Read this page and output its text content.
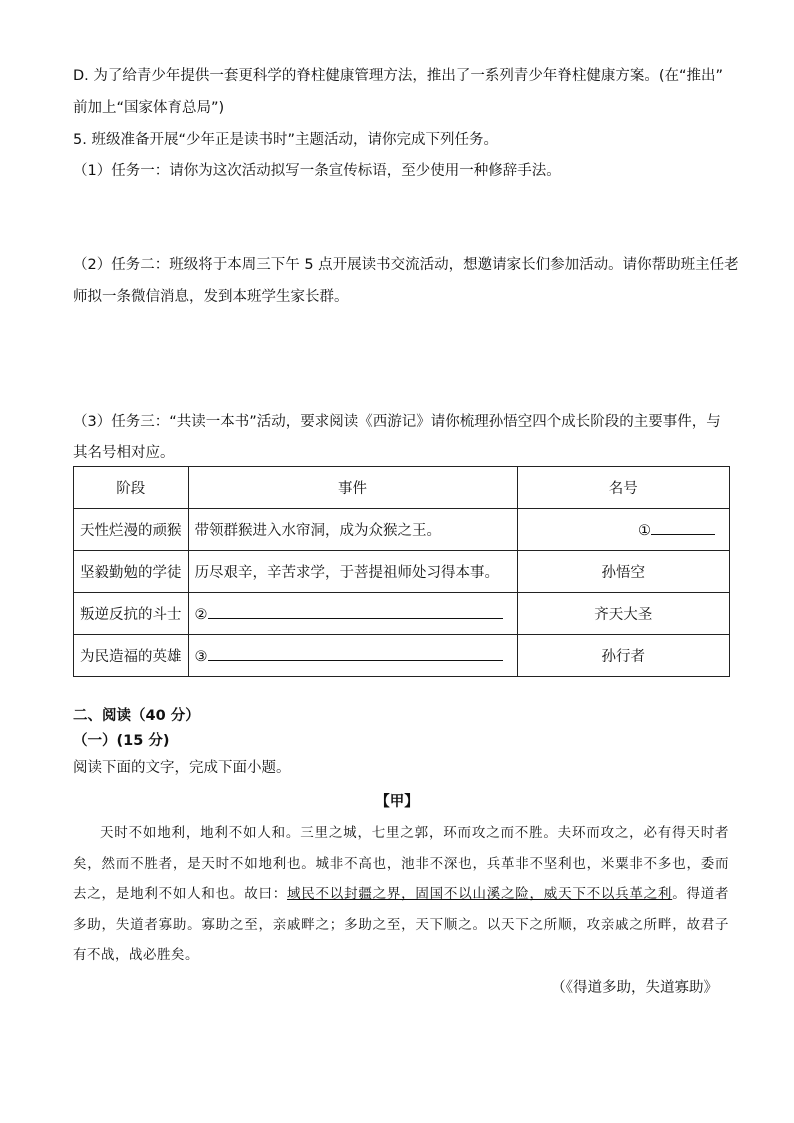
D. 为了给青少年提供一套更科学的脊柱健康管理方法，推出了一系列青少年脊柱健康方案。(在“推出”
前加上“国家体育总局”)
5. 班级准备开展“少年正是读书时”主题活动，请你完成下列任务。
（1）任务一：请你为这次活动拟写一条宣传标语，至少使用一种修辞手法。
（2）任务二：班级将于本周三下午 5 点开展读书交流活动，想邀请家长们参加活动。请你帮助班主任老
师拟一条微信消息，发到本班学生家长群。
（3）任务三：“共读一本书”活动，要求阅读《西游记》请你梳理孙悟空四个成长阶段的主要事件，与
其名号相对应。
阶段	事件	名号
天性烂漫的顽猴	带领群猴进入水帘洞，成为众猴之王。	①

坚毅勤勉的学徒	历尽艰辛，辛苦求学，于菩提祖师处习得本事。	孙悟空
叛逆反抗的斗士	②	齐天大圣
为民造福的英雄	③	孙行者
二、阅读（40 分）
（一）(15 分)
阅读下面的文字，完成下面小题。
【甲】

天时不如地利，地利不如人和。三里之城，七里之郭，环而攻之而不胜。夫环而攻之，必有得天时者矣，然而不胜者，是天时不如地利也。城非不高也，池非不深也，兵革非不坚利也，米粟非不多也，委而去之，是地利不如人和也。故曰：域民不以封疆之界，固国不以山溪之险，威天下不以兵革之利。得道者多助，失道者寡助。寡助之至，亲戚畔之；多助之至，天下顺之。以天下之所顺，攻亲戚之所畔，故君子有不战，战必胜矣。

（《得道多助，失道寡助》
